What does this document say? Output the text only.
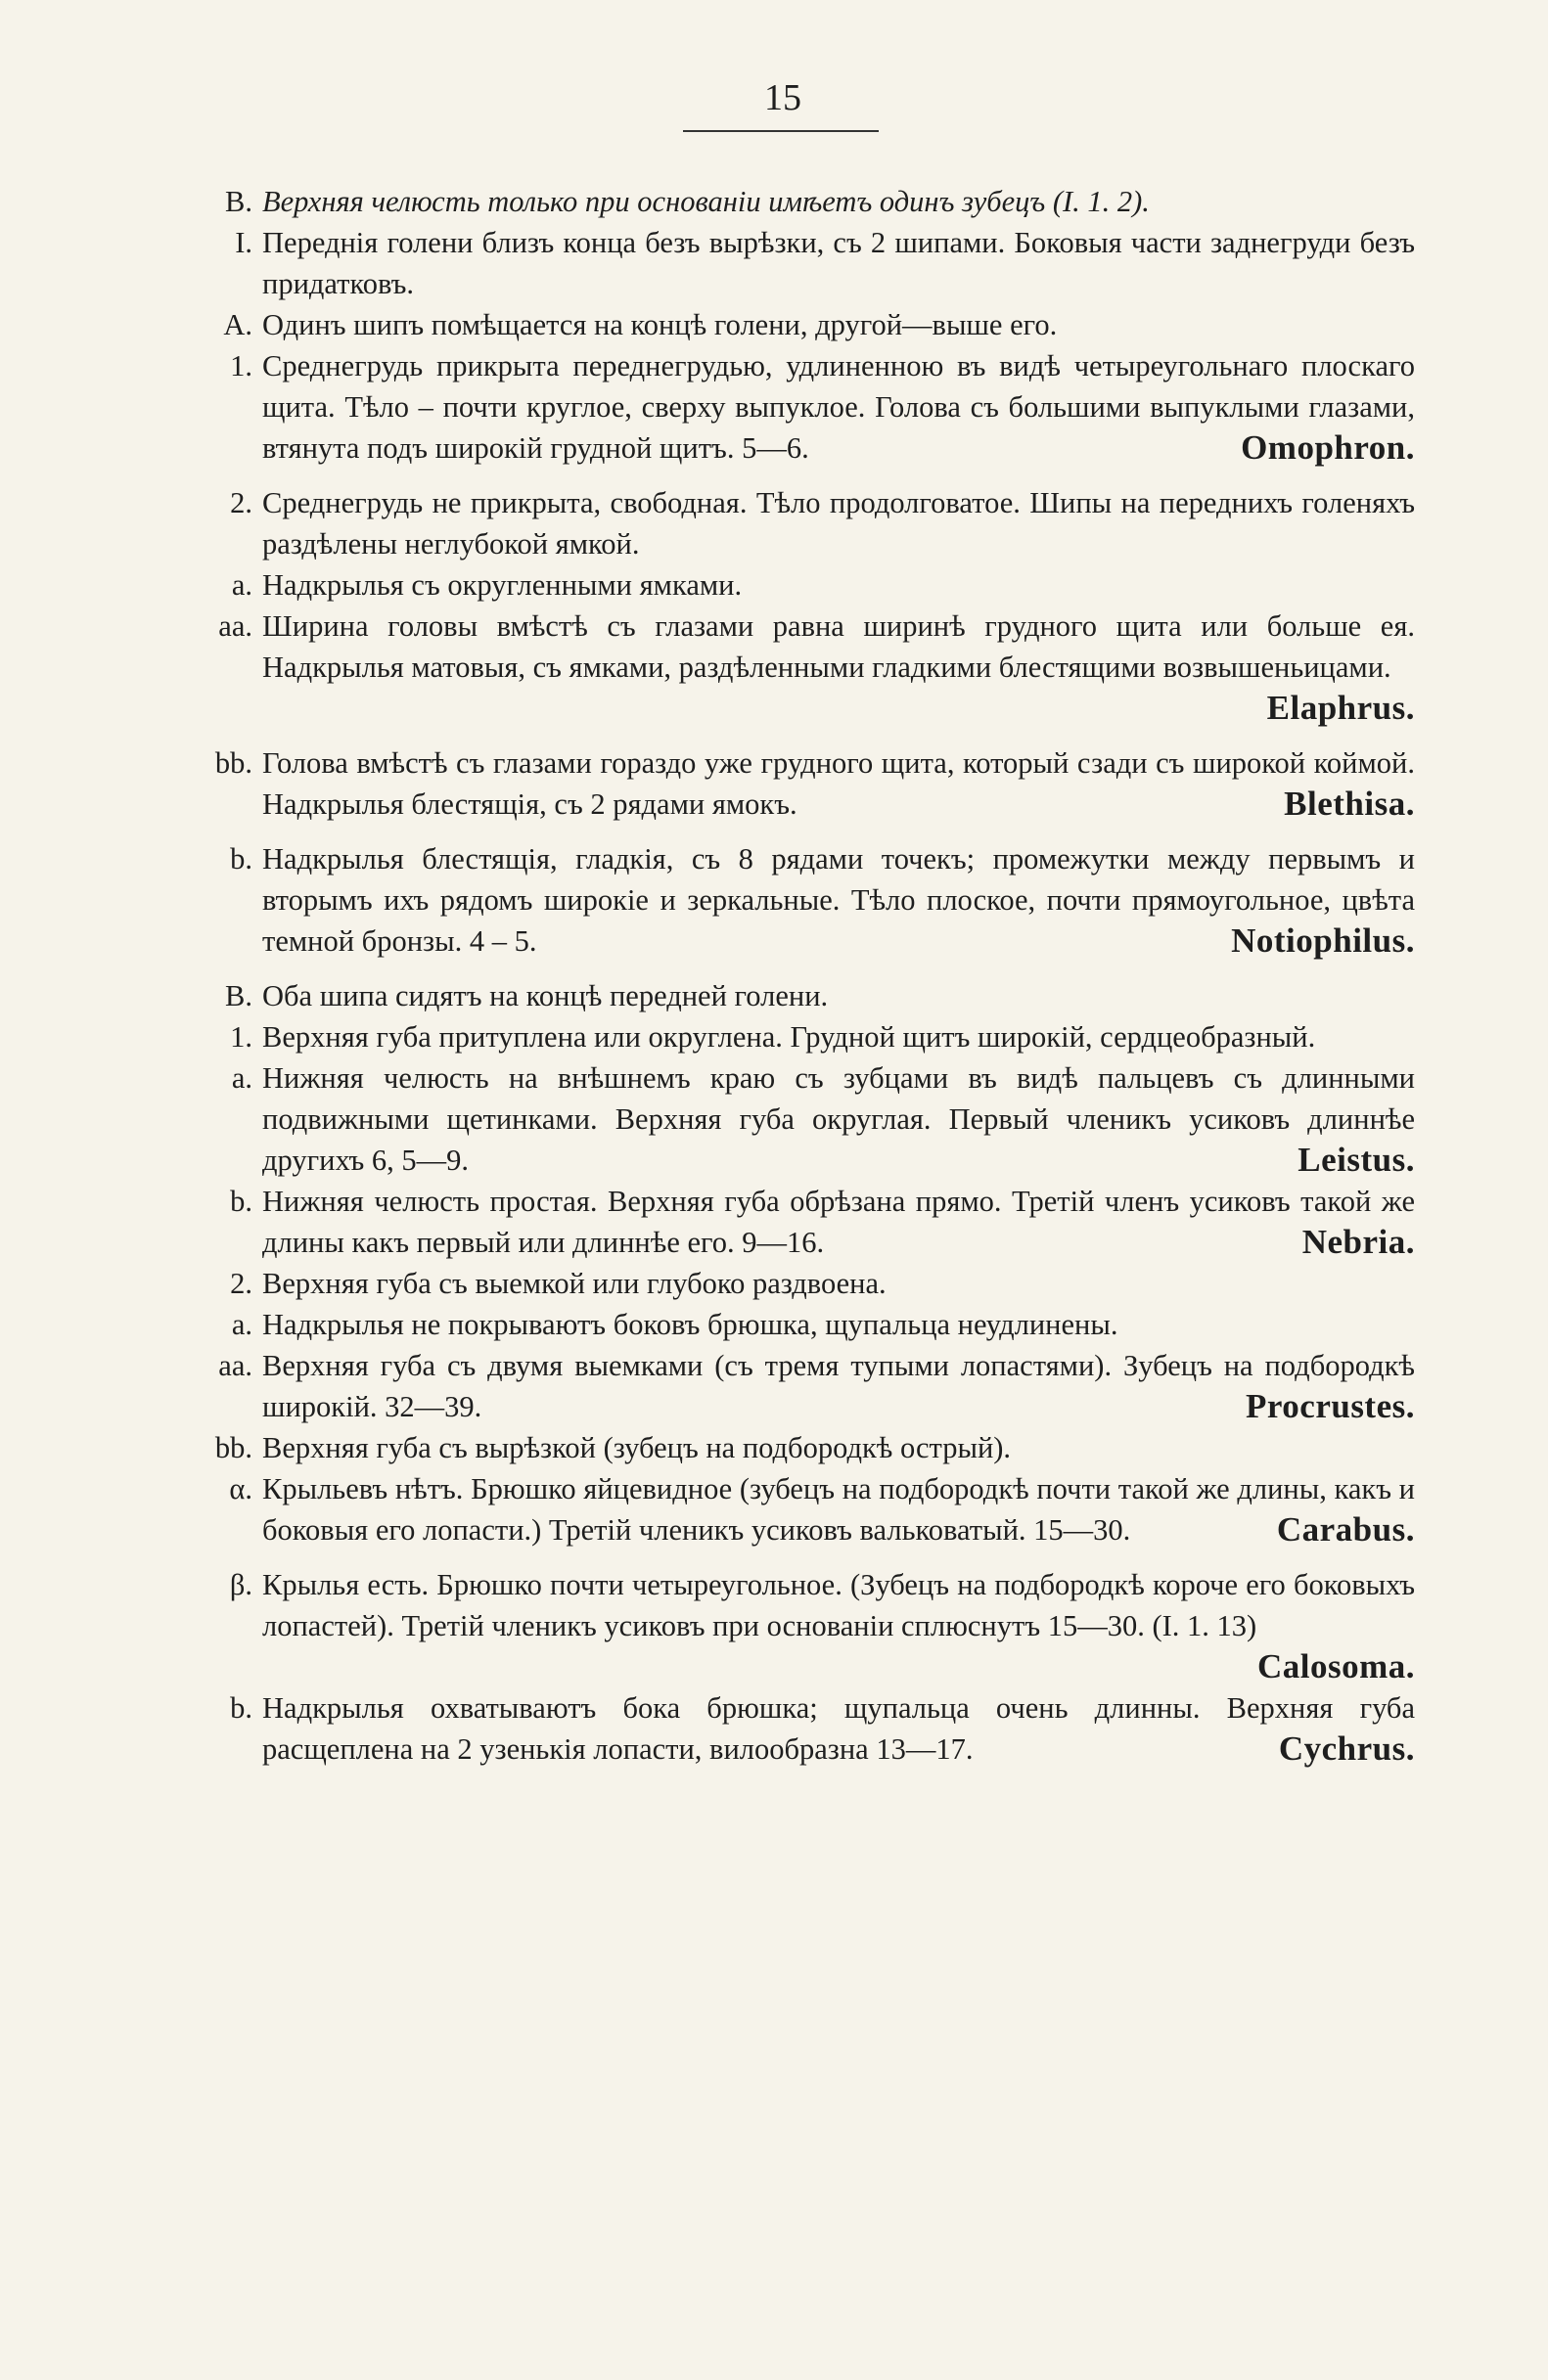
15
B. Верхняя челюсть только при основанiи имѣетъ одинъ зубецъ (I. 1. 2).
I. Переднiя голени близъ конца безъ вырѣзки, съ 2 шипами. Боковыя части заднегруди безъ придатковъ.
A. Одинъ шипъ помѣщается на концѣ голени, другой—выше его.
1. Среднегрудь прикрыта переднегрудью, удлиненною въ видѣ четыреугольнаго плоскаго щита. Тѣло – почти круглое, сверху выпуклое. Голова съ большими выпуклыми глазами, втянута подъ широкiй грудной щитъ. 5—6.	Omophron.
2. Среднегрудь не прикрыта, свободная. Тѣло продолговатое. Шипы на переднихъ голеняхъ раздѣлены неглубокой ямкой.
a. Надкрылья съ округленными ямками.
aa. Ширина головы вмѣстѣ съ глазами равна ширинѣ грудного щита или больше ея. Надкрылья матовыя, съ ямками, раздѣленными гладкими блестящими возвышеньицами.
Elaphrus.
bb. Голова вмѣстѣ съ глазами гораздо уже грудного щита, который сзади съ широкой коймой. Надкрылья блестящiя, съ 2 рядами ямокъ.	Blethisa.
b. Надкрылья блестящiя, гладкiя, съ 8 рядами точекъ; промежутки между первымъ и вторымъ ихъ рядомъ широкie и зеркальные. Тѣло плоское, почти прямоугольное, цвѣта темной бронзы. 4 – 5.	Notiophilus.
B. Оба шипа сидятъ на концѣ передней голени.
1. Верхняя губа притуплена или округлена. Грудной щитъ широкiй, сердцеобразный.
a. Нижняя челюсть на внѣшнемъ краю съ зубцами въ видѣ пальцевъ съ длинными подвижными щетинками. Верхняя губа округлая. Первый членикъ усиковъ длиннѣе другихъ 6, 5—9.	Leistus.
b. Нижняя челюсть простая. Верхняя губа обрѣзана прямо. Третiй членъ усиковъ такой же длины какъ первый или длиннѣе его. 9—16.	Nebria.
2. Верхняя губа съ выемкой или глубоко раздвоена.
a. Надкрылья не покрываютъ боковъ брюшка, щупальца неудлинены.
aa. Верхняя губа съ двумя выемками (съ тремя тупыми лопастями). Зубецъ на подбородкѣ широкiй. 32—39.	Procrustes.
bb. Верхняя губа съ вырѣзкой (зубецъ на подбородкѣ острый).
α. Крыльевъ нѣтъ. Брюшко яйцевидное (зубецъ на подбородкѣ почти такой же длины, какъ и боковыя его лопасти.) Третiй членикъ усиковъ вальковатый. 15—30.	Carabus.
β. Крылья есть. Брюшко почти четыреугольное. (Зубецъ на подбородкѣ короче его боковыхъ лопастей). Третiй членикъ усиковъ при основанiи сплюснутъ 15—30. (I. 1. 13)
Calosoma.
b. Надкрылья охватываютъ бока брюшка; щупальца очень длинны. Верхняя губа расщеплена на 2 узенькiя лопасти, вилообразна 13—17.	Cychrus.
